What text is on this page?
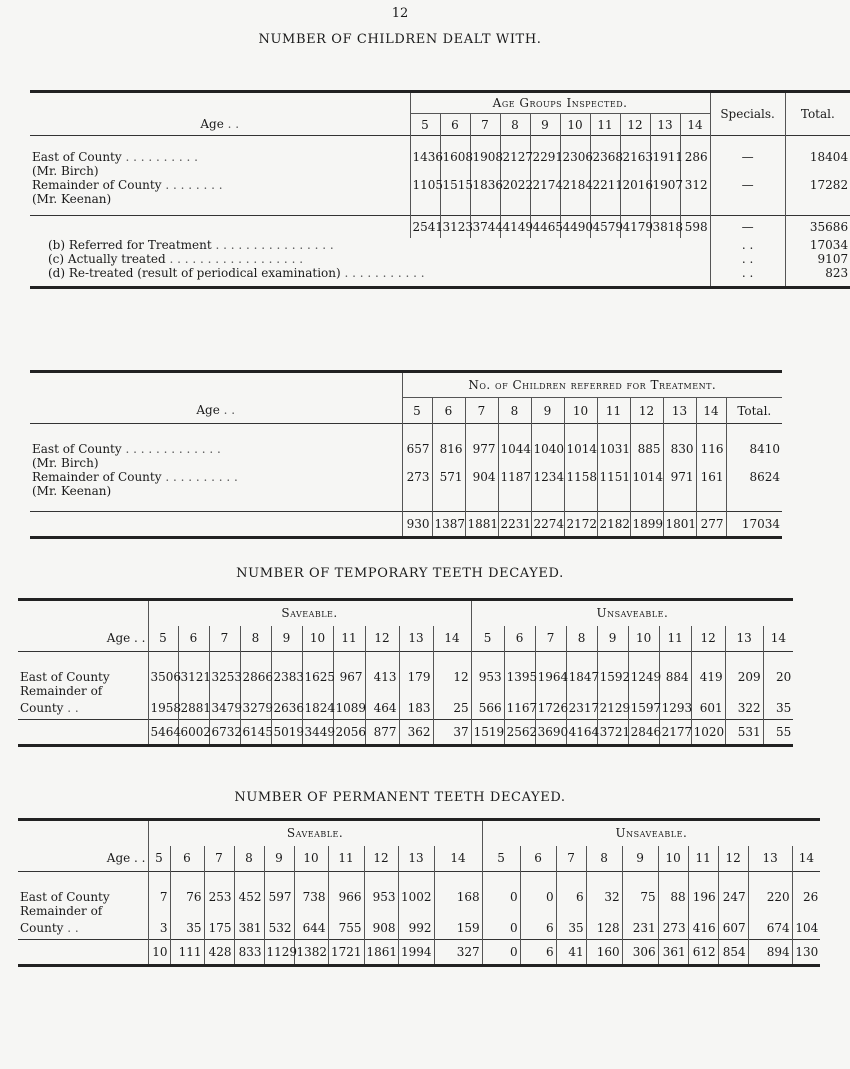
12
NUMBER OF CHILDREN DEALT WITH.
	Age Groups Inspected.										Specials.	Total.
Age . .	5	6	7	8	9	10	11	12	13	14		

East of County . . . . . . . . . .	1436	1608	1908	2127	2291	2306	2368	2163	1911	286	—	18404
(Mr. Birch)												
Remainder of County . . . . . . . .	1105	1515	1836	2022	2174	2184	2211	2016	1907	312	—	17282
(Mr. Keenan)												
	2541	3123	3744	4149	4465	4490	4579	4179	3818	598	—	35686
(b) Referred for Treatment . . . . . . . . . . . . . . . .											. .	17034
(c) Actually treated . . . . . . . . . . . . . . . . . .											. .	9107
(d) Re-treated (result of periodical examination) . . . . . . . . . . .											. .	823
	No. of Children referred for Treatment.										
Age . .	5	6	7	8	9	10	11	12	13	14	Total.

East of County . . . . . . . . . . . . .	657	816	977	1044	1040	1014	1031	885	830	116	8410
(Mr. Birch)											
Remainder of County . . . . . . . . . .	273	571	904	1187	1234	1158	1151	1014	971	161	8624
(Mr. Keenan)											
	930	1387	1881	2231	2274	2172	2182	1899	1801	277	17034
NUMBER OF TEMPORARY TEETH DECAYED.
	Saveable.										Unsaveable.									
Age . .	5	6	7	8	9	10	11	12	13	14	5	6	7	8	9	10	11	12	13	14

East of County	3506	3121	3253	2866	2383	1625	967	413	179	12	953	1395	1964	1847	1592	1249	884	419	209	20
Remainder of																				
County . .	1958	2881	3479	3279	2636	1824	1089	464	183	25	566	1167	1726	2317	2129	1597	1293	601	322	35
	5464	6002	6732	6145	5019	3449	2056	877	362	37	1519	2562	3690	4164	3721	2846	2177	1020	531	55
NUMBER OF PERMANENT TEETH DECAYED.
	Saveable.										Unsaveable.									
Age . .	5	6	7	8	9	10	11	12	13	14	5	6	7	8	9	10	11	12	13	14

East of County	7	76	253	452	597	738	966	953	1002	168	0	0	6	32	75	88	196	247	220	26
Remainder of																				
County . .	3	35	175	381	532	644	755	908	992	159	0	6	35	128	231	273	416	607	674	104
	10	111	428	833	1129	1382	1721	1861	1994	327	0	6	41	160	306	361	612	854	894	130
